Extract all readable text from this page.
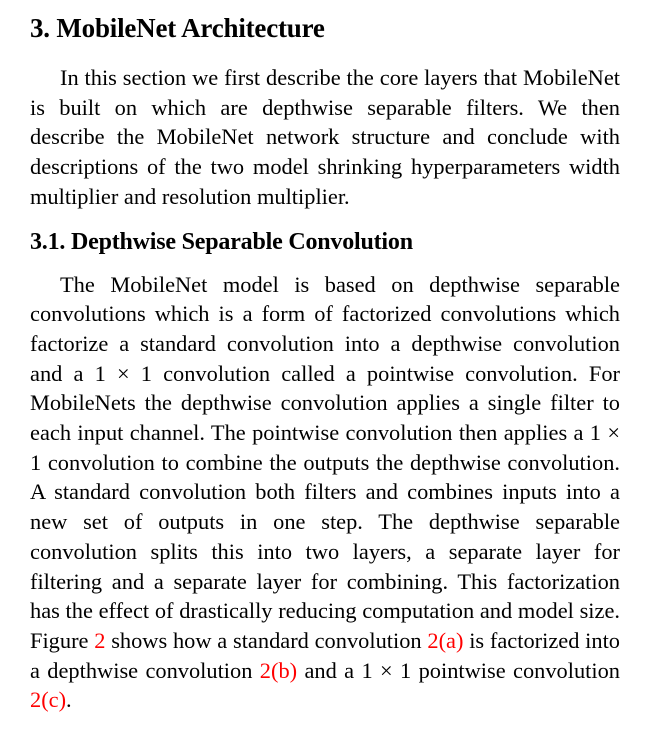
3. MobileNet Architecture

In this section we first describe the core layers that MobileNet is built on which are depthwise separable filters. We then describe the MobileNet network structure and conclude with descriptions of the two model shrinking hyperparameters width multiplier and resolution multiplier.

3.1. Depthwise Separable Convolution

The MobileNet model is based on depthwise separable convolutions which is a form of factorized convolutions which factorize a standard convolution into a depthwise convolution and a 1 × 1 convolution called a pointwise convolution. For MobileNets the depthwise convolution applies a single filter to each input channel. The pointwise convolution then applies a 1 × 1 convolution to combine the outputs the depthwise convolution. A standard convolution both filters and combines inputs into a new set of outputs in one step. The depthwise separable convolution splits this into two layers, a separate layer for filtering and a separate layer for combining. This factorization has the effect of drastically reducing computation and model size. Figure 2 shows how a standard convolution 2(a) is factorized into a depthwise convolution 2(b) and a 1 × 1 pointwise convolution 2(c).
